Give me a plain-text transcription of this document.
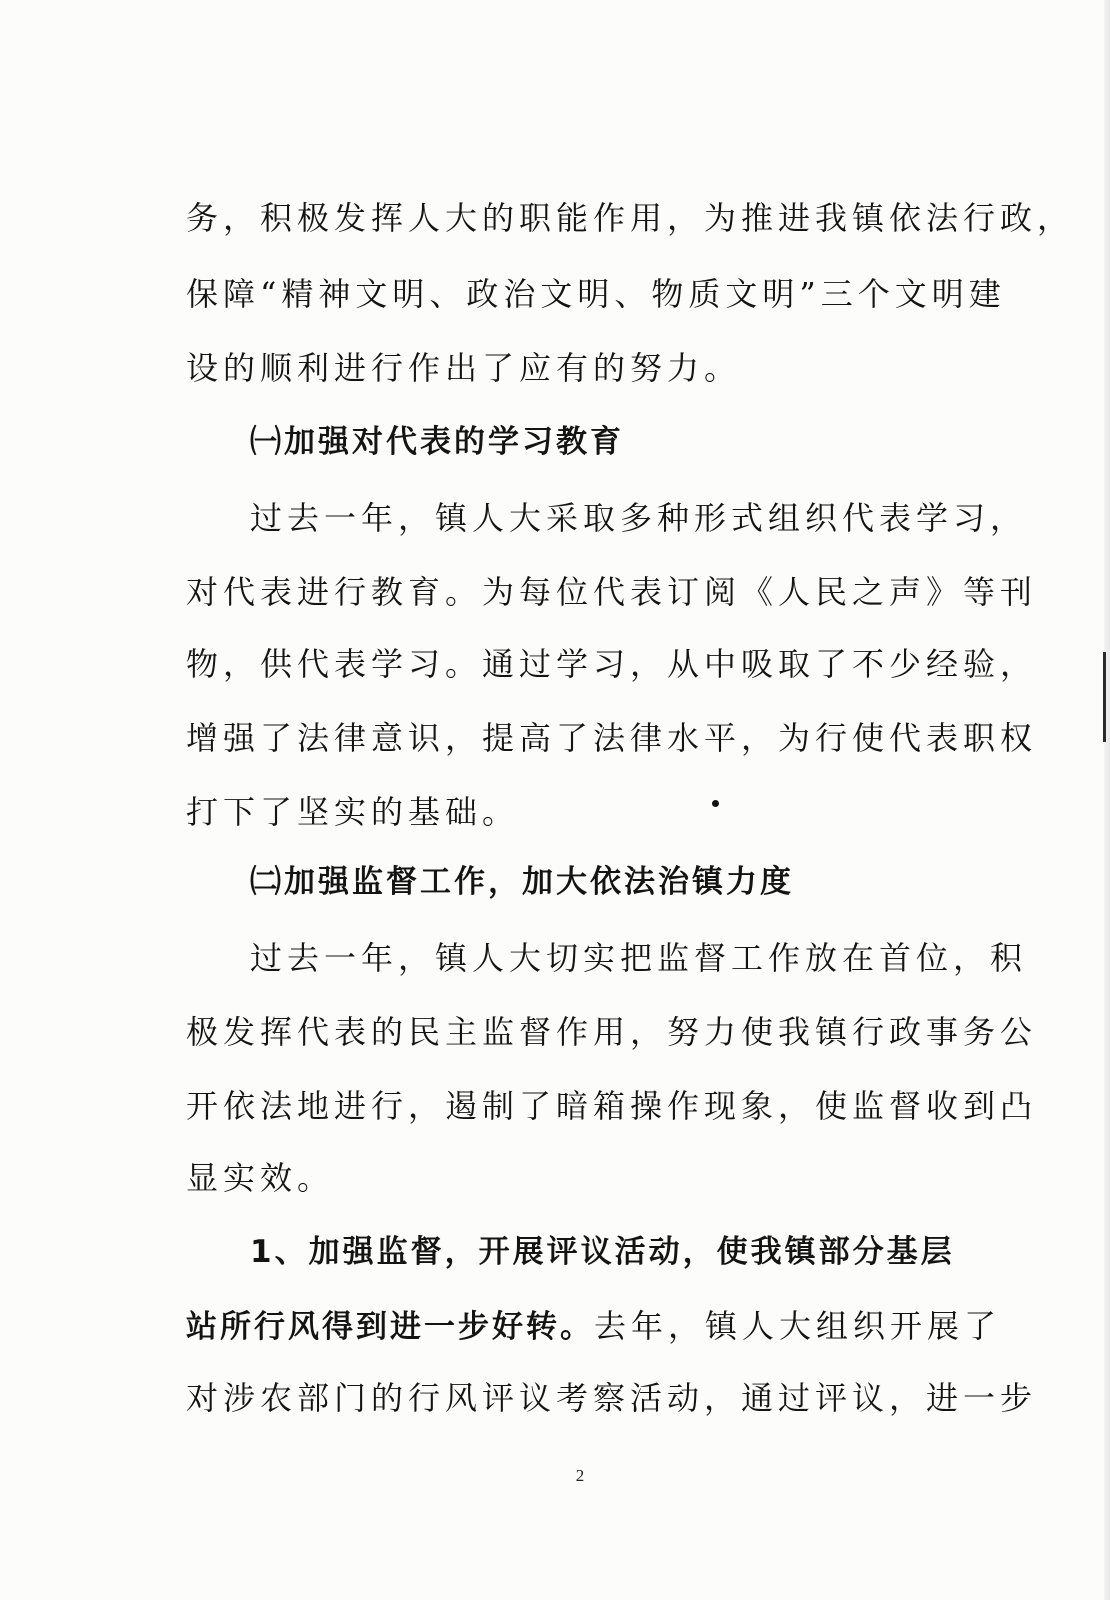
务，积极发挥人大的职能作用，为推进我镇依法行政，
保障“精神文明、政治文明、物质文明”三个文明建
设的顺利进行作出了应有的努力。
㈠加强对代表的学习教育
过去一年，镇人大采取多种形式组织代表学习，
对代表进行教育。为每位代表订阅《人民之声》等刊
物，供代表学习。通过学习，从中吸取了不少经验，
增强了法律意识，提高了法律水平，为行使代表职权
打下了坚实的基础。
㈡加强监督工作，加大依法治镇力度
过去一年，镇人大切实把监督工作放在首位，积
极发挥代表的民主监督作用，努力使我镇行政事务公
开依法地进行，遏制了暗箱操作现象，使监督收到凸
显实效。
1、加强监督，开展评议活动，使我镇部分基层
站所行风得到进一步好转。去年，镇人大组织开展了
对涉农部门的行风评议考察活动，通过评议，进一步
2
